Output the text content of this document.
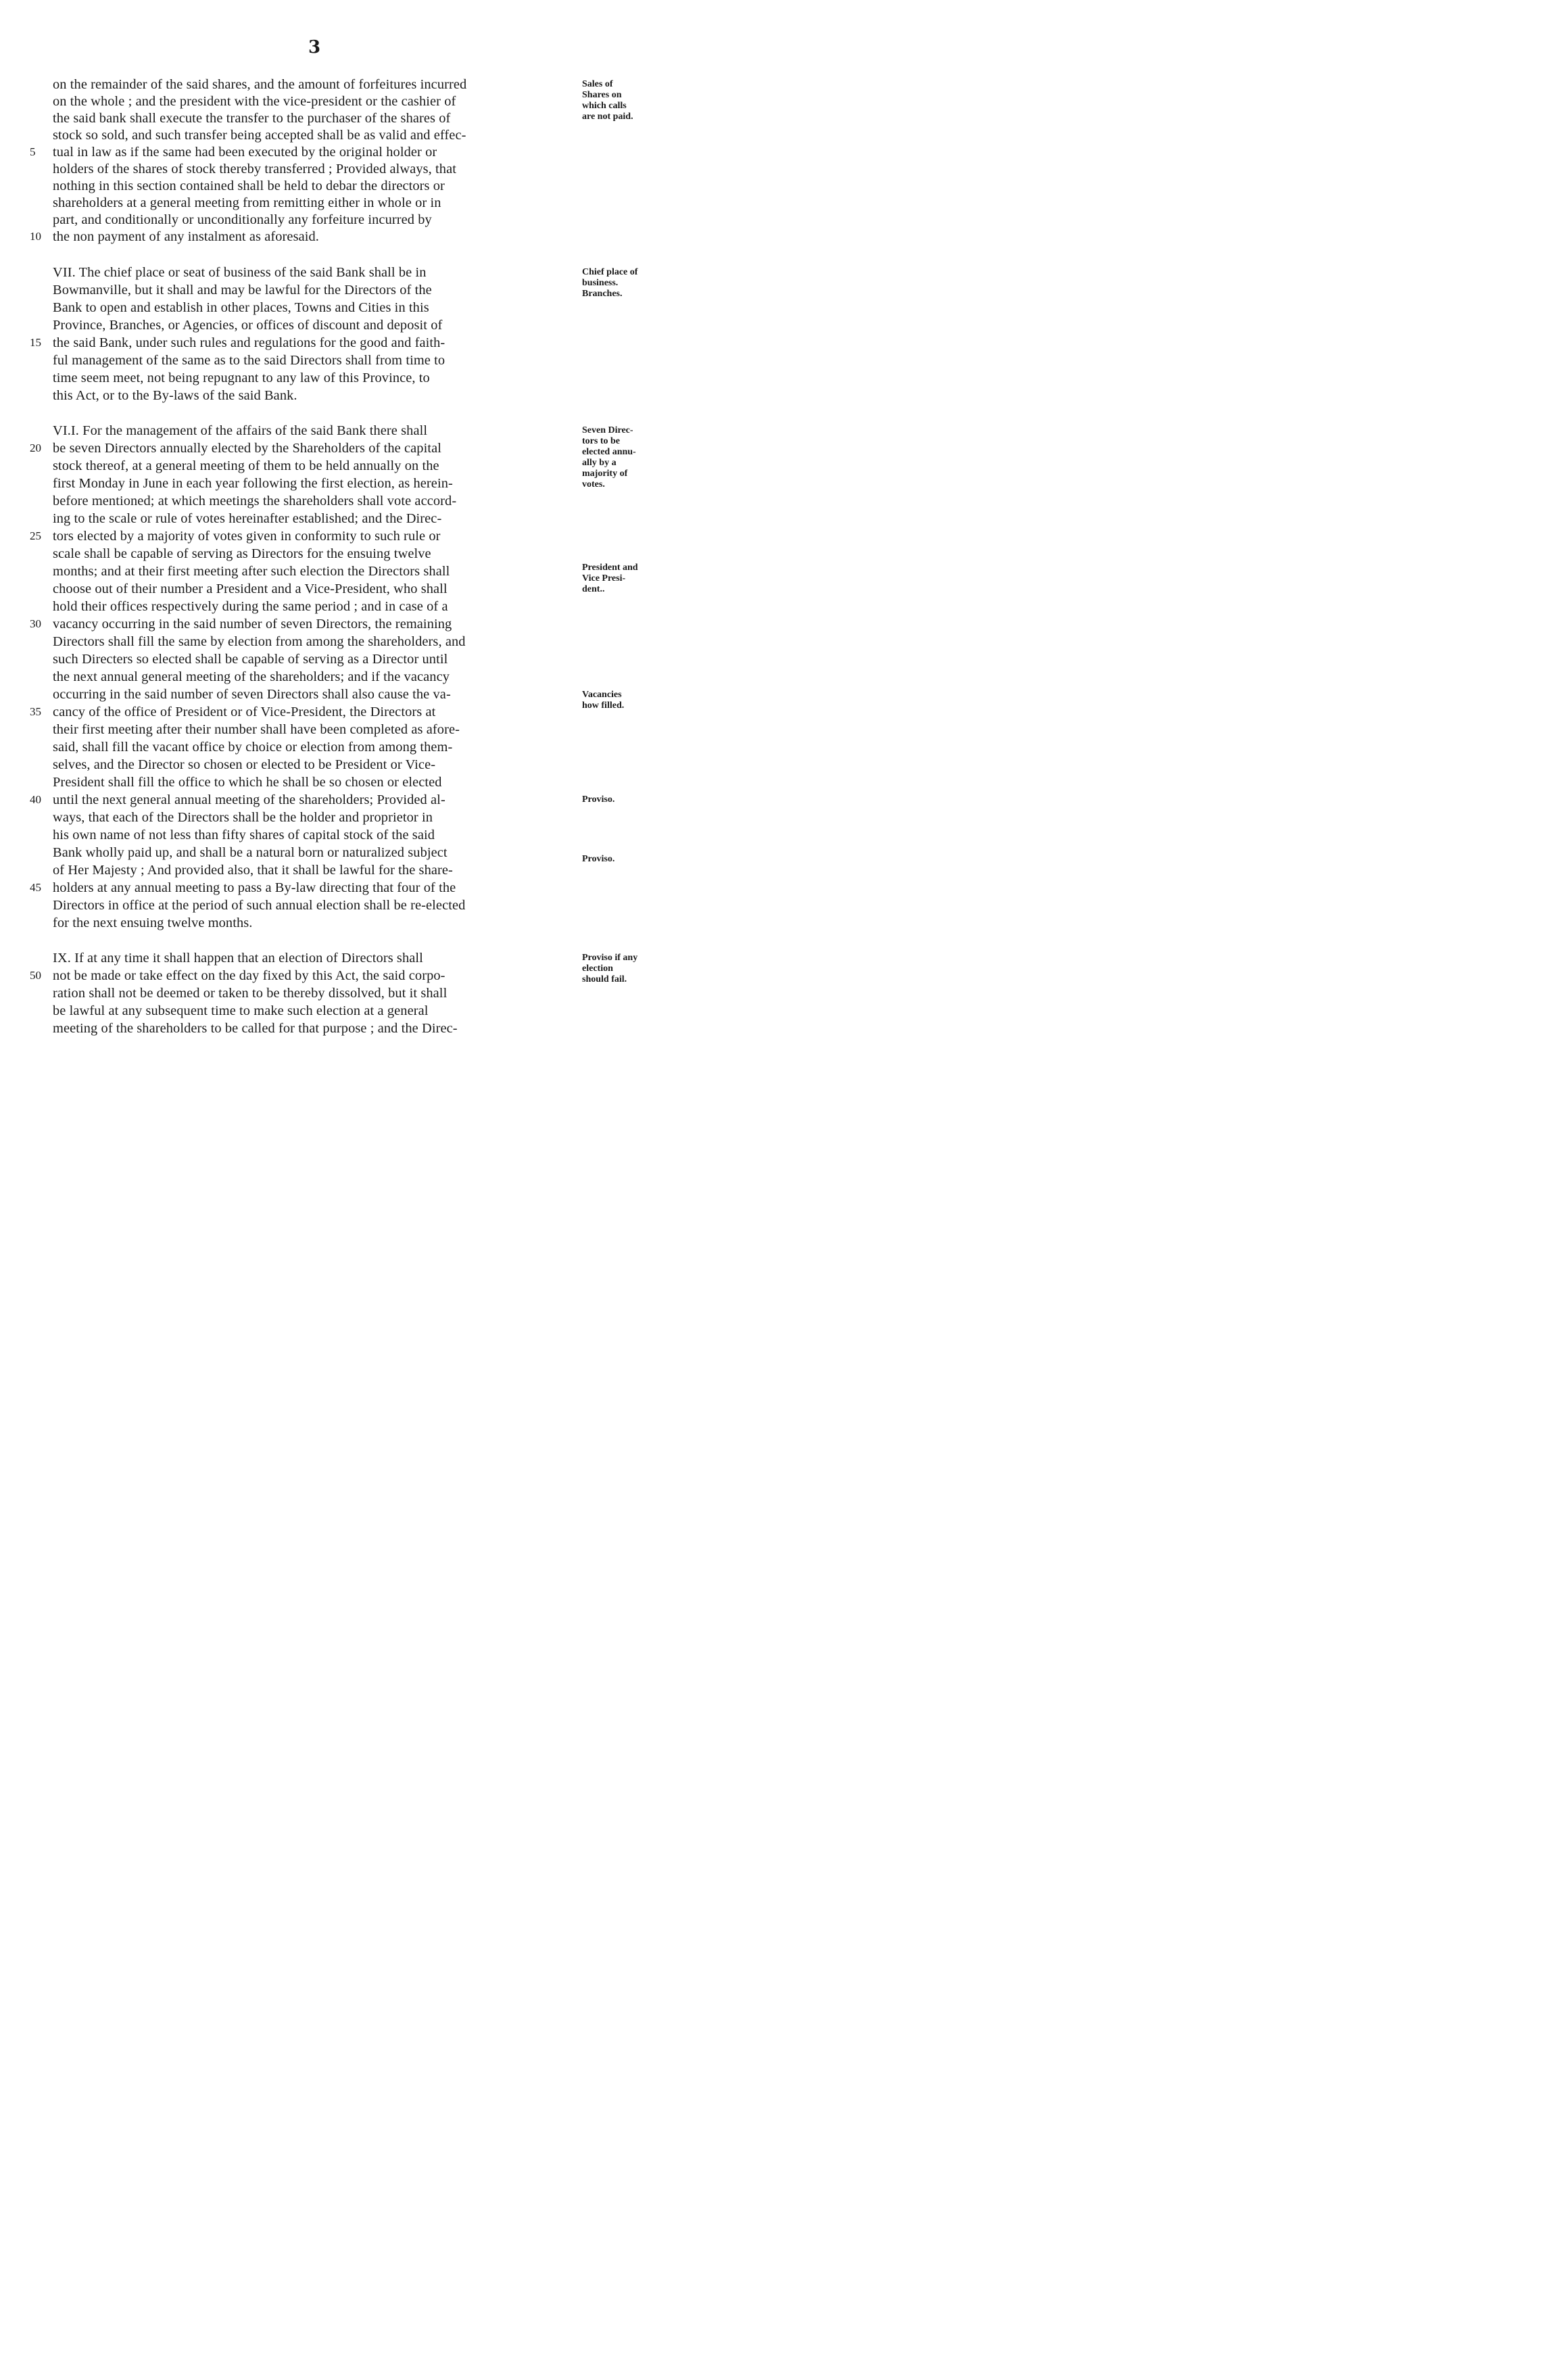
3
on the remainder of the said shares, and the amount of forfeitures incurred
on the whole ; and the president with the vice-president or the cashier of
the said bank shall execute the transfer to the purchaser of the shares of
stock so sold, and such transfer being accepted shall be as valid and effec-
tual in law as if the same had been executed by the original holder or
holders of the shares of stock thereby transferred ; Provided always, that
nothing in this section contained shall be held to debar the directors or
shareholders at a general meeting from remitting either in whole or in
part, and conditionally or unconditionally any forfeiture incurred by
the non payment of any instalment as aforesaid.
VII. The chief place or seat of business of the said Bank shall be in
Bowmanville, but it shall and may be lawful for the Directors of the
Bank to open and establish in other places, Towns and Cities in this
Province, Branches, or Agencies, or offices of discount and deposit of
the said Bank, under such rules and regulations for the good and faith-
ful management of the same as to the said Directors shall from time to
time seem meet, not being repugnant to any law of this Province, to
this Act, or to the By-laws of the said Bank.
VI.I. For the management of the affairs of the said Bank there shall
be seven Directors annually elected by the Shareholders of the capital
stock thereof, at a general meeting of them to be held annually on the
first Monday in June in each year following the first election, as herein-
before mentioned; at which meetings the shareholders shall vote accord-
ing to the scale or rule of votes hereinafter established; and the Direc-
tors elected by a majority of votes given in conformity to such rule or
scale shall be capable of serving as Directors for the ensuing twelve
months; and at their first meeting after such election the Directors shall
choose out of their number a President and a Vice-President, who shall
hold their offices respectively during the same period ; and in case of a
vacancy occurring in the said number of seven Directors, the remaining
Directors shall fill the same by election from among the shareholders, and
such Directers so elected shall be capable of serving as a Director until
the next annual general meeting of the shareholders; and if the vacancy
occurring in the said number of seven Directors shall also cause the va-
cancy of the office of President or of Vice-President, the Directors at
their first meeting after their number shall have been completed as afore-
said, shall fill the vacant office by choice or election from among them-
selves, and the Director so chosen or elected to be President or Vice-
President shall fill the office to which he shall be so chosen or elected
until the next general annual meeting of the shareholders; Provided al-
ways, that each of the Directors shall be the holder and proprietor in
his own name of not less than fifty shares of capital stock of the said
Bank wholly paid up, and shall be a natural born or naturalized subject
of Her Majesty ; And provided also, that it shall be lawful for the share-
holders at any annual meeting to pass a By-law directing that four of the
Directors in office at the period of such annual election shall be re-elected
for the next ensuing twelve months.
IX. If at any time it shall happen that an election of Directors shall
not be made or take effect on the day fixed by this Act, the said corpo-
ration shall not be deemed or taken to be thereby dissolved, but it shall
be lawful at any subsequent time to make such election at a general
meeting of the shareholders to be called for that purpose ; and the Direc-
5
10
15
20
25
30
35
40
45
50
Sales of
Shares on
which calls
are not paid.
Chief place of
business.
Branches.
Seven Direc-
tors to be
elected annu-
ally by a
majority of
votes.
President and
Vice Presi-
dent..
Vacancies
how filled.
Proviso.
Proviso.
Proviso if any
election
should fail.
